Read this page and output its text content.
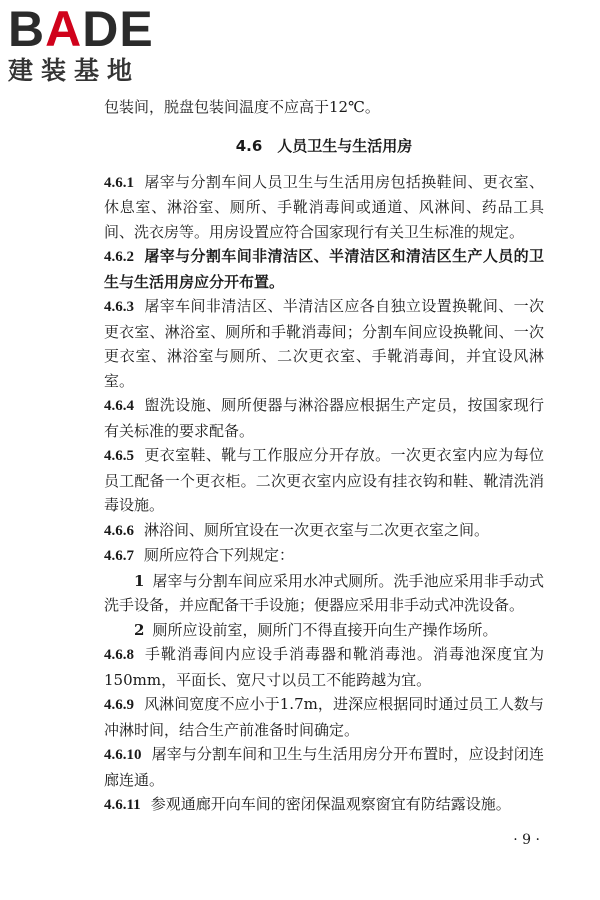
BADE
建装基地

包装间，脱盘包装间温度不应高于12℃。

4.6　人员卫生与生活用房

4.6.1 屠宰与分割车间人员卫生与生活用房包括换鞋间、更衣室、休息室、淋浴室、厕所、手靴消毒间或通道、风淋间、药品工具间、洗衣房等。用房设置应符合国家现行有关卫生标准的规定。

4.6.2 屠宰与分割车间非清洁区、半清洁区和清洁区生产人员的卫生与生活用房应分开布置。

4.6.3 屠宰车间非清洁区、半清洁区应各自独立设置换靴间、一次更衣室、淋浴室、厕所和手靴消毒间；分割车间应设换靴间、一次更衣室、淋浴室与厕所、二次更衣室、手靴消毒间，并宜设风淋室。

4.6.4 盥洗设施、厕所便器与淋浴器应根据生产定员，按国家现行有关标准的要求配备。

4.6.5 更衣室鞋、靴与工作服应分开存放。一次更衣室内应为每位员工配备一个更衣柜。二次更衣室内应设有挂衣钩和鞋、靴清洗消毒设施。

4.6.6 淋浴间、厕所宜设在一次更衣室与二次更衣室之间。

4.6.7 厕所应符合下列规定：

1 屠宰与分割车间应采用水冲式厕所。洗手池应采用非手动式洗手设备，并应配备干手设施；便器应采用非手动式冲洗设备。

2 厕所应设前室，厕所门不得直接开向生产操作场所。

4.6.8 手靴消毒间内应设手消毒器和靴消毒池。消毒池深度宜为150mm，平面长、宽尺寸以员工不能跨越为宜。

4.6.9 风淋间宽度不应小于1.7m，进深应根据同时通过员工人数与冲淋时间，结合生产前准备时间确定。

4.6.10 屠宰与分割车间和卫生与生活用房分开布置时，应设封闭连廊连通。

4.6.11 参观通廊开向车间的密闭保温观察窗宜有防结露设施。

· 9 ·
